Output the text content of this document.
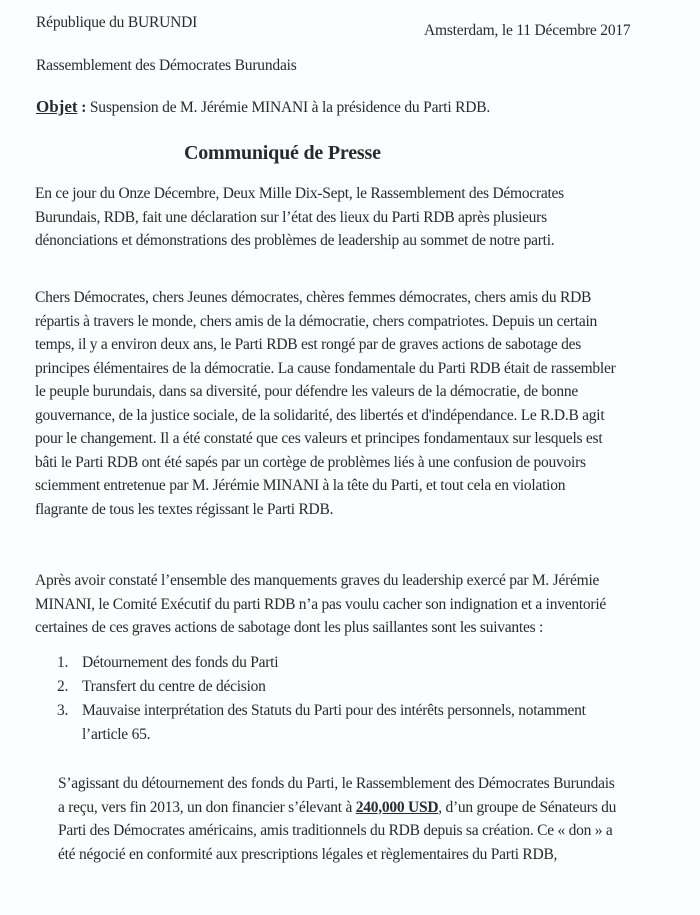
République du BURUNDI	Amsterdam, le 11 Décembre 2017
Rassemblement des Démocrates Burundais
Objet : Suspension de M. Jérémie MINANI à la présidence du Parti RDB.
Communiqué de Presse
En ce jour du Onze Décembre, Deux Mille Dix-Sept, le Rassemblement des Démocrates
Burundais, RDB, fait une déclaration sur l’état des lieux du Parti RDB après plusieurs
dénonciations et démonstrations des problèmes de leadership au sommet de notre parti.
Chers Démocrates, chers Jeunes démocrates, chères femmes démocrates, chers amis du RDB
répartis à travers le monde, chers amis de la démocratie, chers compatriotes. Depuis un certain
temps, il y a environ deux ans, le Parti RDB est rongé par de graves actions de sabotage des
principes élémentaires de la démocratie. La cause fondamentale du Parti RDB était de rassembler
le peuple burundais, dans sa diversité, pour défendre les valeurs de la démocratie, de bonne
gouvernance, de la justice sociale, de la solidarité, des libertés et d'indépendance. Le R.D.B agit
pour le changement. Il a été constaté que ces valeurs et principes fondamentaux sur lesquels est
bâti le Parti RDB ont été sapés par un cortège de problèmes liés à une confusion de pouvoirs
sciemment entretenue par M. Jérémie MINANI à la tête du Parti, et tout cela en violation
flagrante de tous les textes régissant le Parti RDB.
Après avoir constaté l’ensemble des manquements graves du leadership exercé par M. Jérémie
MINANI, le Comité Exécutif du parti RDB n’a pas voulu cacher son indignation et a inventorié
certaines de ces graves actions de sabotage dont les plus saillantes sont les suivantes :
1. Détournement des fonds du Parti
2. Transfert du centre de décision
3. Mauvaise interprétation des Statuts du Parti pour des intérêts personnels, notamment
l’article 65.
S’agissant du détournement des fonds du Parti, le Rassemblement des Démocrates Burundais
a reçu, vers fin 2013, un don financier s’élevant à 240,000 USD, d’un groupe de Sénateurs du
Parti des Démocrates américains, amis traditionnels du RDB depuis sa création. Ce « don » a
été négocié en conformité aux prescriptions légales et règlementaires du Parti RDB,
